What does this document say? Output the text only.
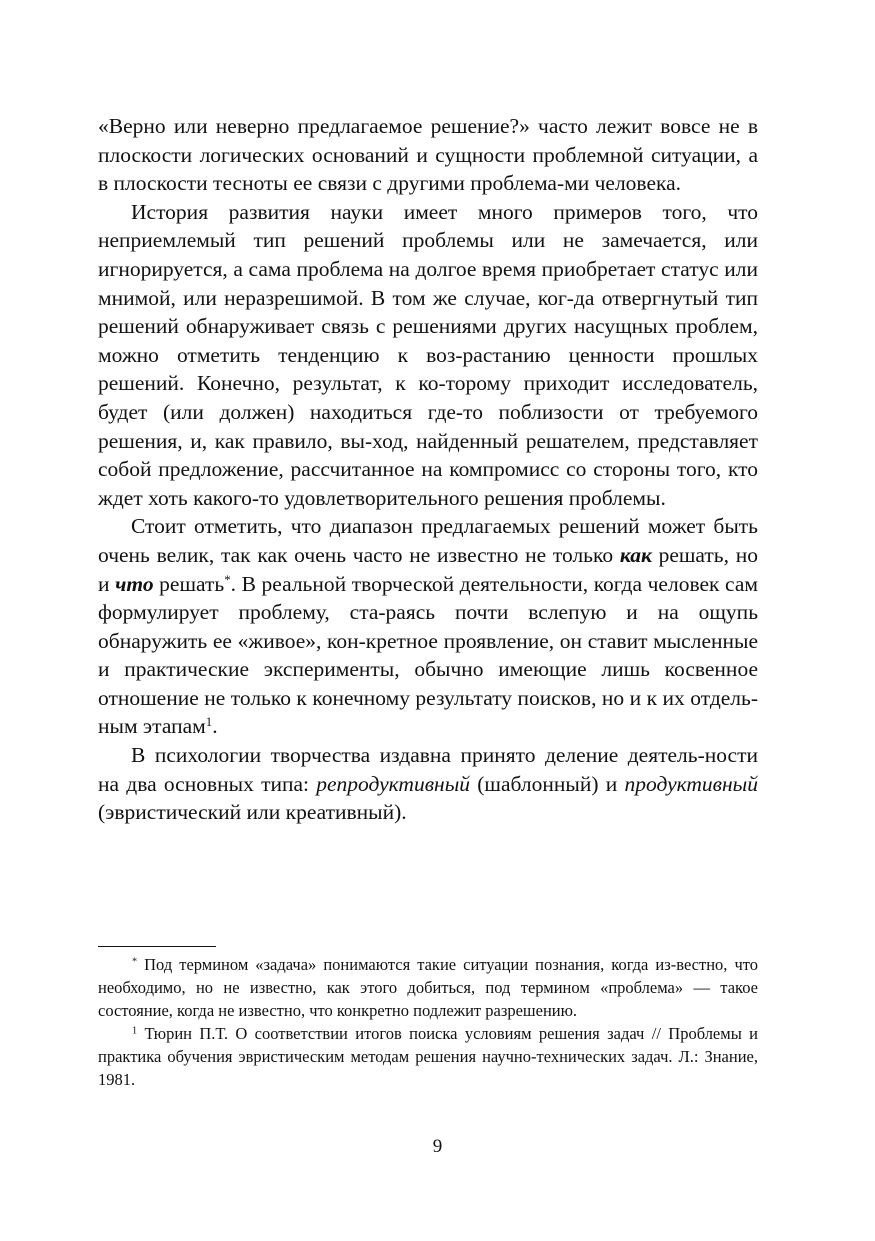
«Верно или неверно предлагаемое решение?» часто лежит вовсе не в плоскости логических оснований и сущности проблемной ситуации, а в плоскости тесноты ее связи с другими проблема-ми человека.

История развития науки имеет много примеров того, что неприемлемый тип решений проблемы или не замечается, или игнорируется, а сама проблема на долгое время приобретает статус или мнимой, или неразрешимой. В том же случае, ког-да отвергнутый тип решений обнаруживает связь с решениями других насущных проблем, можно отметить тенденцию к воз-растанию ценности прошлых решений. Конечно, результат, к ко-торому приходит исследователь, будет (или должен) находиться где-то поблизости от требуемого решения, и, как правило, вы-ход, найденный решателем, представляет собой предложение, рассчитанное на компромисс со стороны того, кто ждет хоть какого-то удовлетворительного решения проблемы.

Стоит отметить, что диапазон предлагаемых решений может быть очень велик, так как очень часто не известно не только как решать, но и что решать*. В реальной творческой деятельности, когда человек сам формулирует проблему, ста-раясь почти вслепую и на ощупь обнаружить ее «живое», кон-кретное проявление, он ставит мысленные и практические эксперименты, обычно имеющие лишь косвенное отношение не только к конечному результату поисков, но и к их отдель-ным этапам$^1$.

В психологии творчества издавна принято деление деятель-ности на два основных типа: репродуктивный (шаблонный) и продуктивный (эвристический или креативный).

* Под термином «задача» понимаются такие ситуации познания, когда из-вестно, что необходимо, но не известно, как этого добиться, под термином «проблема» — такое состояние, когда не известно, что конкретно подлежит разрешению.

$^1$ Тюрин П.Т. О соответствии итогов поиска условиям решения задач // Проблемы и практика обучения эвристическим методам решения научно-технических задач. Л.: Знание, 1981.

9
